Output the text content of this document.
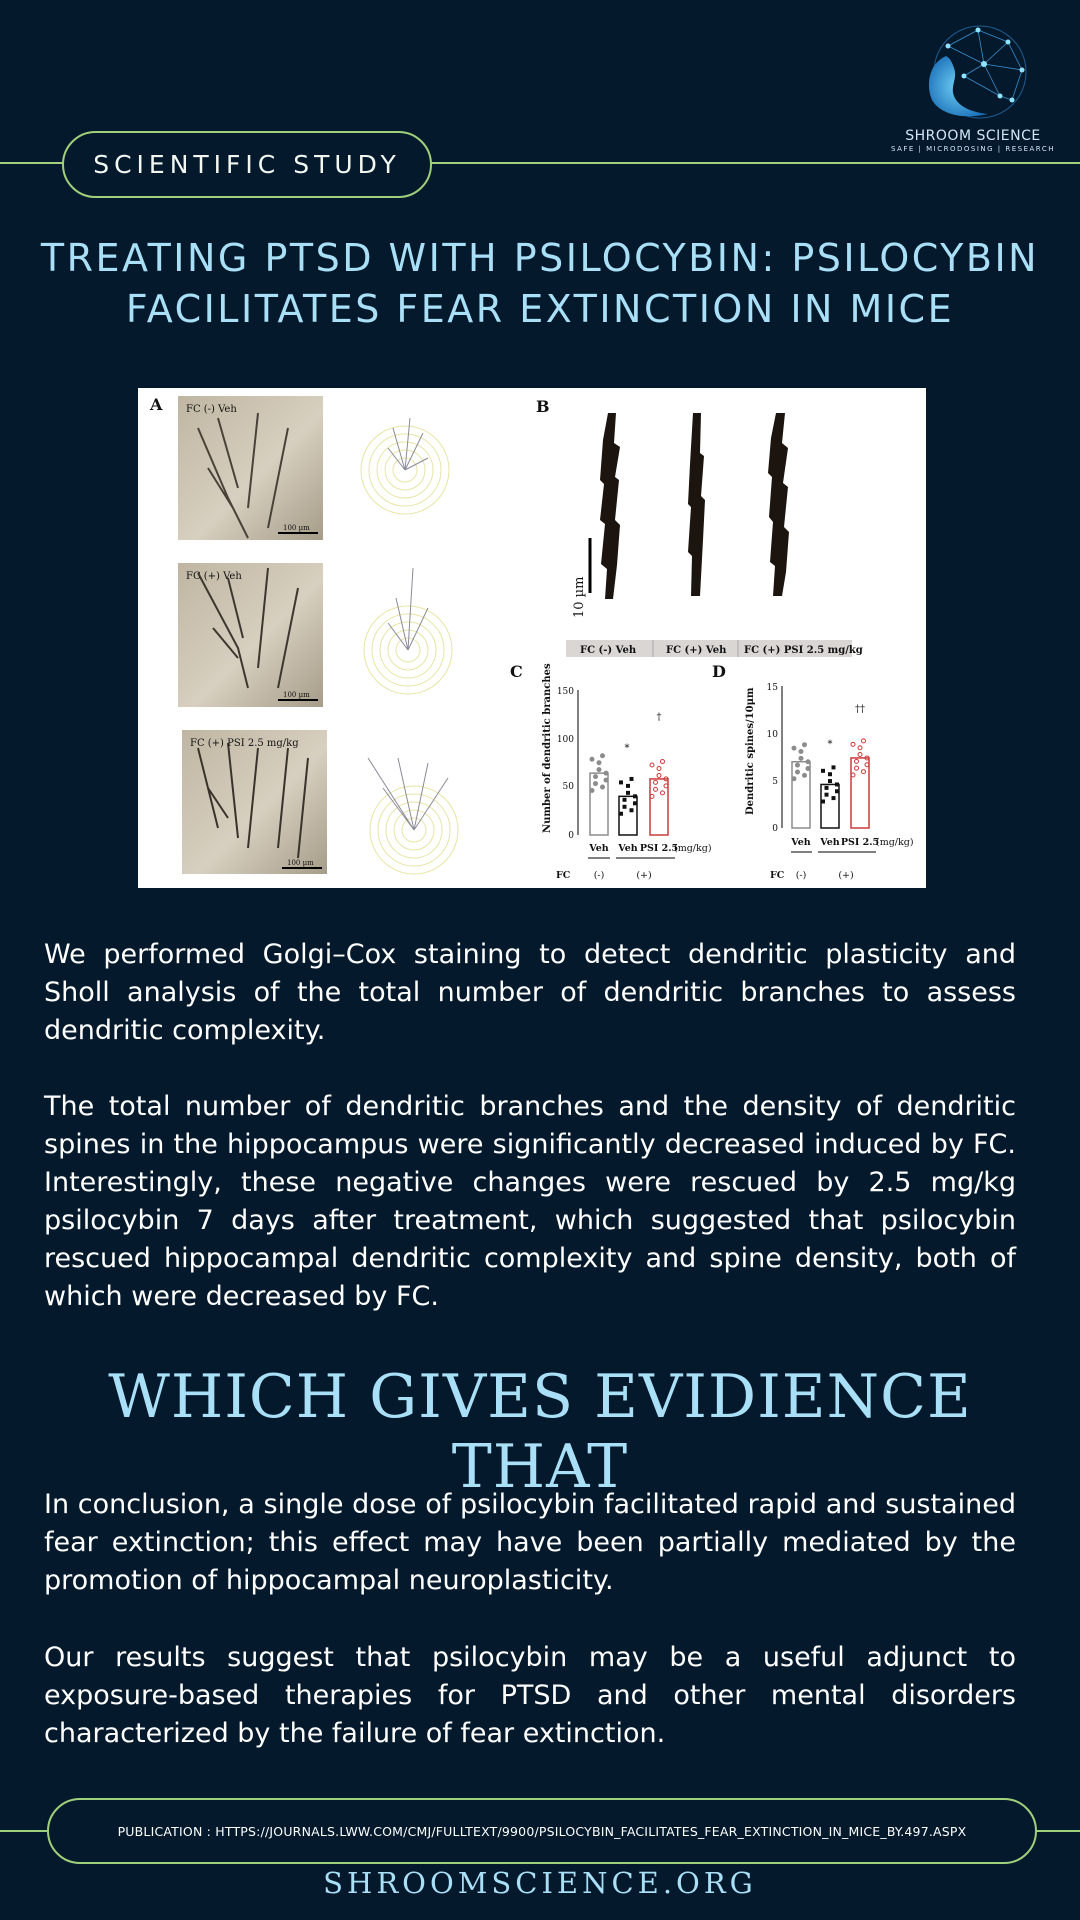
SCIENTIFIC STUDY
SHROOM SCIENCE
SAFE | MICRODOSING | RESEARCH
TREATING PTSD WITH PSILOCYBIN: PSILOCYBIN FACILITATES FEAR EXTINCTION IN MICE
A	B
C	D
FC (-) Veh
100 µm
FC (+) Veh
100 µm
FC (+) PSI 2.5 mg/kg
100 µm
10 µm
FC (-) Veh	FC (+) Veh FC (+) PSI 2.5 mg/kg
Number of dendritic branches 150
100
50
0
*
†
Veh Veh PSI 2.5
(mg/kg)
FC (-)	(+)
Dendritic spines/10μm 15
10
5
0
*
††
Veh Veh PSI 2.5
(mg/kg)
FC (-)	(+)

We performed Golgi–Cox staining to detect dendritic plasticity and Sholl analysis of the total number of dendritic branches to assess dendritic complexity.

The total number of dendritic branches and the density of dendritic spines in the hippocampus were significantly decreased induced by FC. Interestingly, these negative changes were rescued by 2.5 mg/kg psilocybin 7 days after treatment, which suggested that psilocybin rescued hippocampal dendritic complexity and spine density, both of which were decreased by FC.

WHICH GIVES EVIDIENCE THAT

In conclusion, a single dose of psilocybin facilitated rapid and sustained fear extinction; this effect may have been partially mediated by the promotion of hippocampal neuroplasticity.

Our results suggest that psilocybin may be a useful adjunct to exposure-based therapies for PTSD and other mental disorders characterized by the failure of fear extinction.

PUBLICATION : HTTPS://JOURNALS.LWW.COM/CMJ/FULLTEXT/9900/PSILOCYBIN_FACILITATES_FEAR_EXTINCTION_IN_MICE_BY.497.ASPX
SHROOMSCIENCE.ORG
